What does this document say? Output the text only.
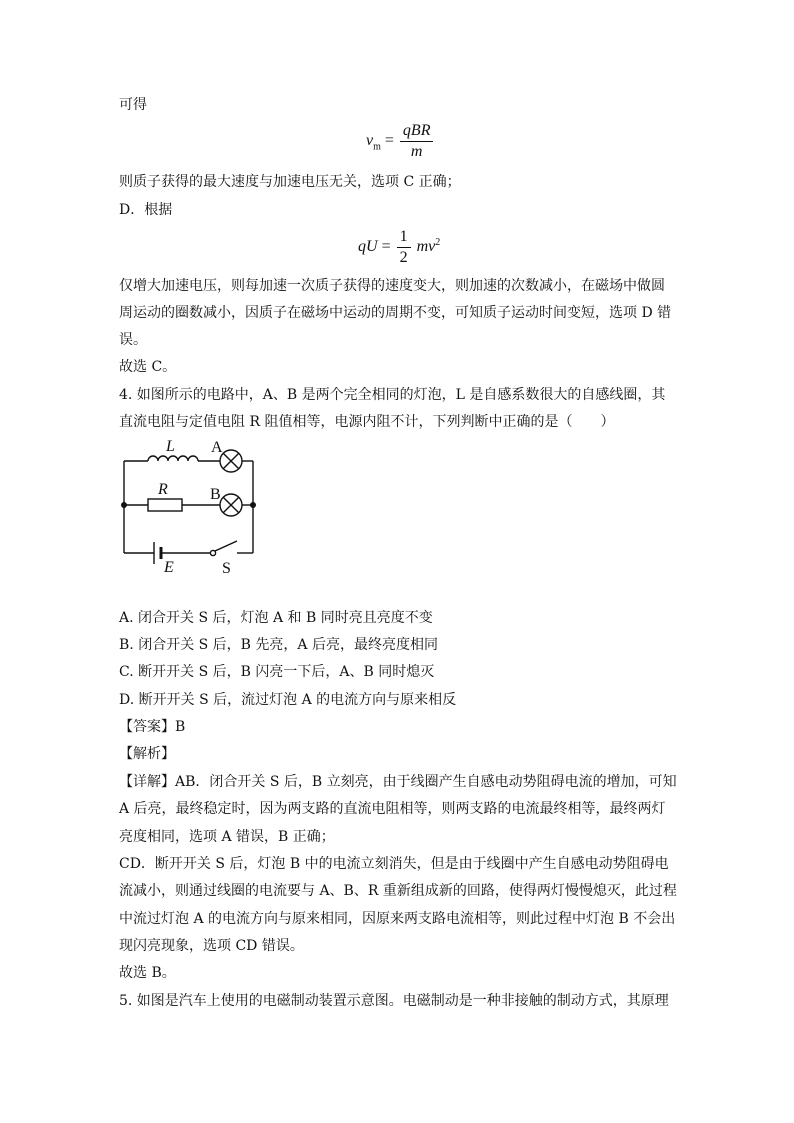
可得
$v_m = \frac{\text{qBR}}{m}$
则质子获得的最大速度与加速电压无关，选项 C 正确；
D．根据
qU = $\frac{1}{2} mv^2$
仅增大加速电压，则每加速一次质子获得的速度变大，则加速的次数减小，在磁场中做圆
周运动的圈数减小，因质子在磁场中运动的周期不变，可知质子运动时间变短，选项 D 错
误。
故选 C。
4. 如图所示的电路中，A、B 是两个完全相同的灯泡，L 是自感系数很大的自感线圈，其
直流电阻与定值电阻 R 阻值相等，电源内阻不计，下列判断中正确的是（　　）
L A
R	B
E	S
A. 闭合开关 S 后，灯泡 A 和 B 同时亮且亮度不变
B. 闭合开关 S 后，B 先亮，A 后亮，最终亮度相同
C. 断开开关 S 后，B 闪亮一下后，A、B 同时熄灭
D. 断开开关 S 后，流过灯泡 A 的电流方向与原来相反
【答案】B
【解析】
【详解】AB．闭合开关 S 后，B 立刻亮，由于线圈产生自感电动势阻碍电流的增加，可知
A 后亮，最终稳定时，因为两支路的直流电阻相等，则两支路的电流最终相等，最终两灯
亮度相同，选项 A 错误，B 正确；
CD．断开开关 S 后，灯泡 B 中的电流立刻消失，但是由于线圈中产生自感电动势阻碍电
流减小，则通过线圈的电流要与 A、B、R 重新组成新的回路，使得两灯慢慢熄灭，此过程
中流过灯泡 A 的电流方向与原来相同，因原来两支路电流相等，则此过程中灯泡 B 不会出
现闪亮现象，选项 CD 错误。
故选 B。
5. 如图是汽车上使用的电磁制动装置示意图。电磁制动是一种非接触的制动方式，其原理
